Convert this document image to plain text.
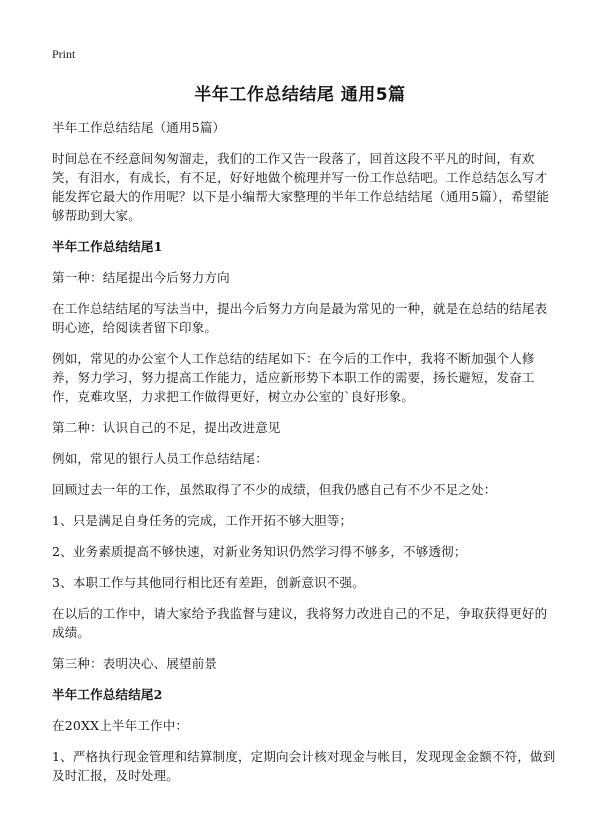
Print
半年工作总结结尾 通用5篇

半年工作总结结尾（通用5篇）

时间总在不经意间匆匆溜走，我们的工作又告一段落了，回首这段不平凡的时间，有欢笑，有泪水，有成长，有不足，好好地做个梳理并写一份工作总结吧。工作总结怎么写才能发挥它最大的作用呢？以下是小编帮大家整理的半年工作总结结尾（通用5篇），希望能够帮助到大家。

半年工作总结结尾1

第一种：结尾提出今后努力方向

在工作总结结尾的写法当中，提出今后努力方向是最为常见的一种，就是在总结的结尾表明心迹，给阅读者留下印象。

例如，常见的办公室个人工作总结的结尾如下：在今后的工作中，我将不断加强个人修养，努力学习，努力提高工作能力，适应新形势下本职工作的需要，扬长避短，发奋工作，克难攻坚，力求把工作做得更好，树立办公室的`良好形象。

第二种：认识自己的不足，提出改进意见

例如，常见的银行人员工作总结结尾：

回顾过去一年的工作，虽然取得了不少的成绩，但我仍感自己有不少不足之处：

1、只是满足自身任务的完成，工作开拓不够大胆等；

2、业务素质提高不够快速，对新业务知识仍然学习得不够多，不够透彻；

3、本职工作与其他同行相比还有差距，创新意识不强。

在以后的工作中，请大家给予我监督与建议，我将努力改进自己的不足，争取获得更好的成绩。

第三种：表明决心、展望前景

半年工作总结结尾2

在20XX上半年工作中：

1、严格执行现金管理和结算制度，定期向会计核对现金与帐目，发现现金金额不符，做到及时汇报，及时处理。
